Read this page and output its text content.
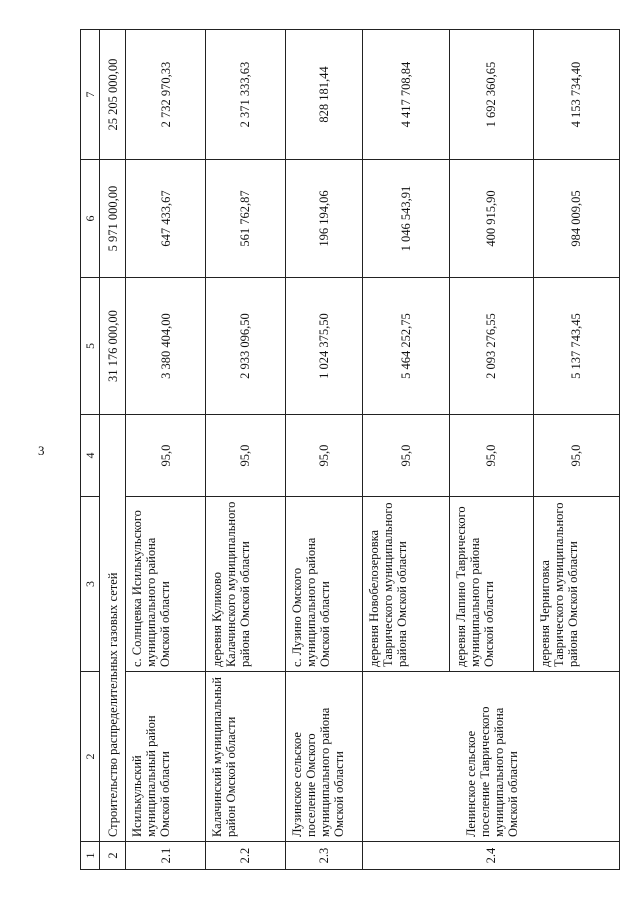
3
1	2	3	4	5	6	7
2	Строительство распределительных газовых сетей			31 176 000,00	5 971 000,00	25 205 000,00
2.1	Исилькульский муниципальный район Омской области	с. Солнцевка Исилькульского муниципального района Омской области	95,0	3 380 404,00	647 433,67	2 732 970,33
2.2	Калачинский муниципальный район Омской области	деревня Куликово Калачинского муниципального района Омской области	95,0	2 933 096,50	561 762,87	2 371 333,63
2.3	Лузинское сельское поселение Омского муниципального района Омской области	с. Лузино Омского муниципального района Омской области	95,0	1 024 375,50	196 194,06	828 181,44
2.4	Ленинское сельское поселение Таврического муниципального района Омской области	деревня Новобелозеровка Таврического муниципального района Омской области	95,0	5 464 252,75	1 046 543,91	4 417 708,84
		деревня Лапино Таврического муниципального района Омской области	95,0	2 093 276,55	400 915,90	1 692 360,65
		деревня Черниговка Таврического муниципального района Омской области	95,0	5 137 743,45	984 009,05	4 153 734,40
